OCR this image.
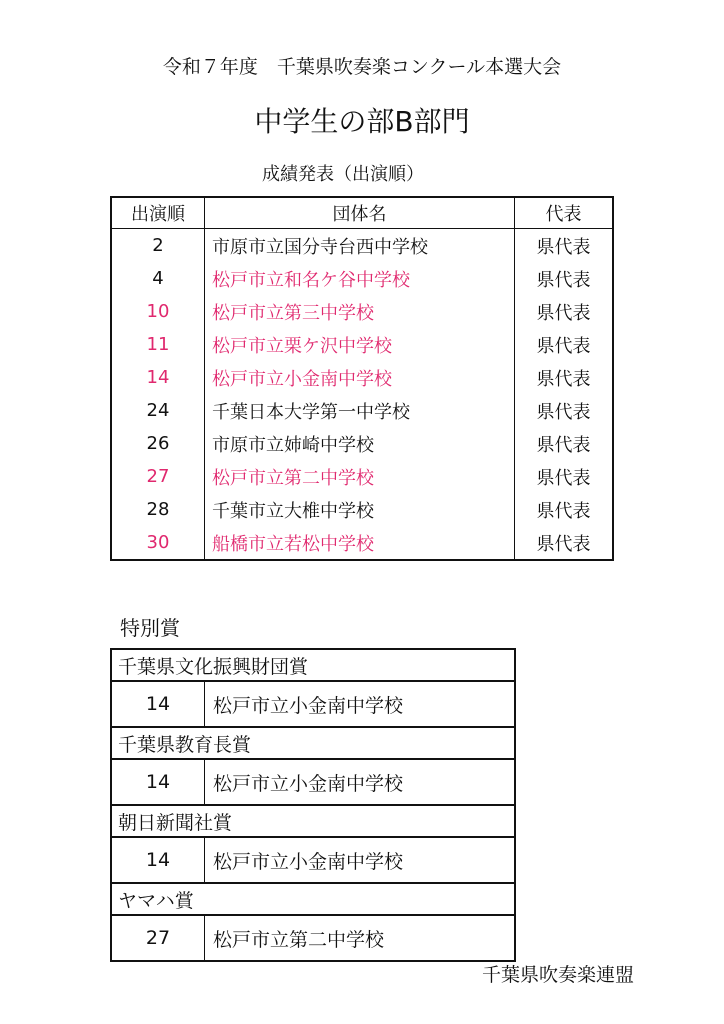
令和７年度　千葉県吹奏楽コンクール本選大会
中学生の部B部門
成績発表（出演順）
出演順	団体名	代表
2	市原市立国分寺台西中学校	県代表
4	松戸市立和名ケ谷中学校	県代表
10	松戸市立第三中学校	県代表
11	松戸市立栗ケ沢中学校	県代表
14	松戸市立小金南中学校	県代表
24	千葉日本大学第一中学校	県代表
26	市原市立姉崎中学校	県代表
27	松戸市立第二中学校	県代表
28	千葉市立大椎中学校	県代表
30	船橋市立若松中学校	県代表
特別賞
千葉県文化振興財団賞	
14	松戸市立小金南中学校
千葉県教育長賞	
14	松戸市立小金南中学校
朝日新聞社賞	
14	松戸市立小金南中学校
ヤマハ賞	
27	松戸市立第二中学校
千葉県吹奏楽連盟
